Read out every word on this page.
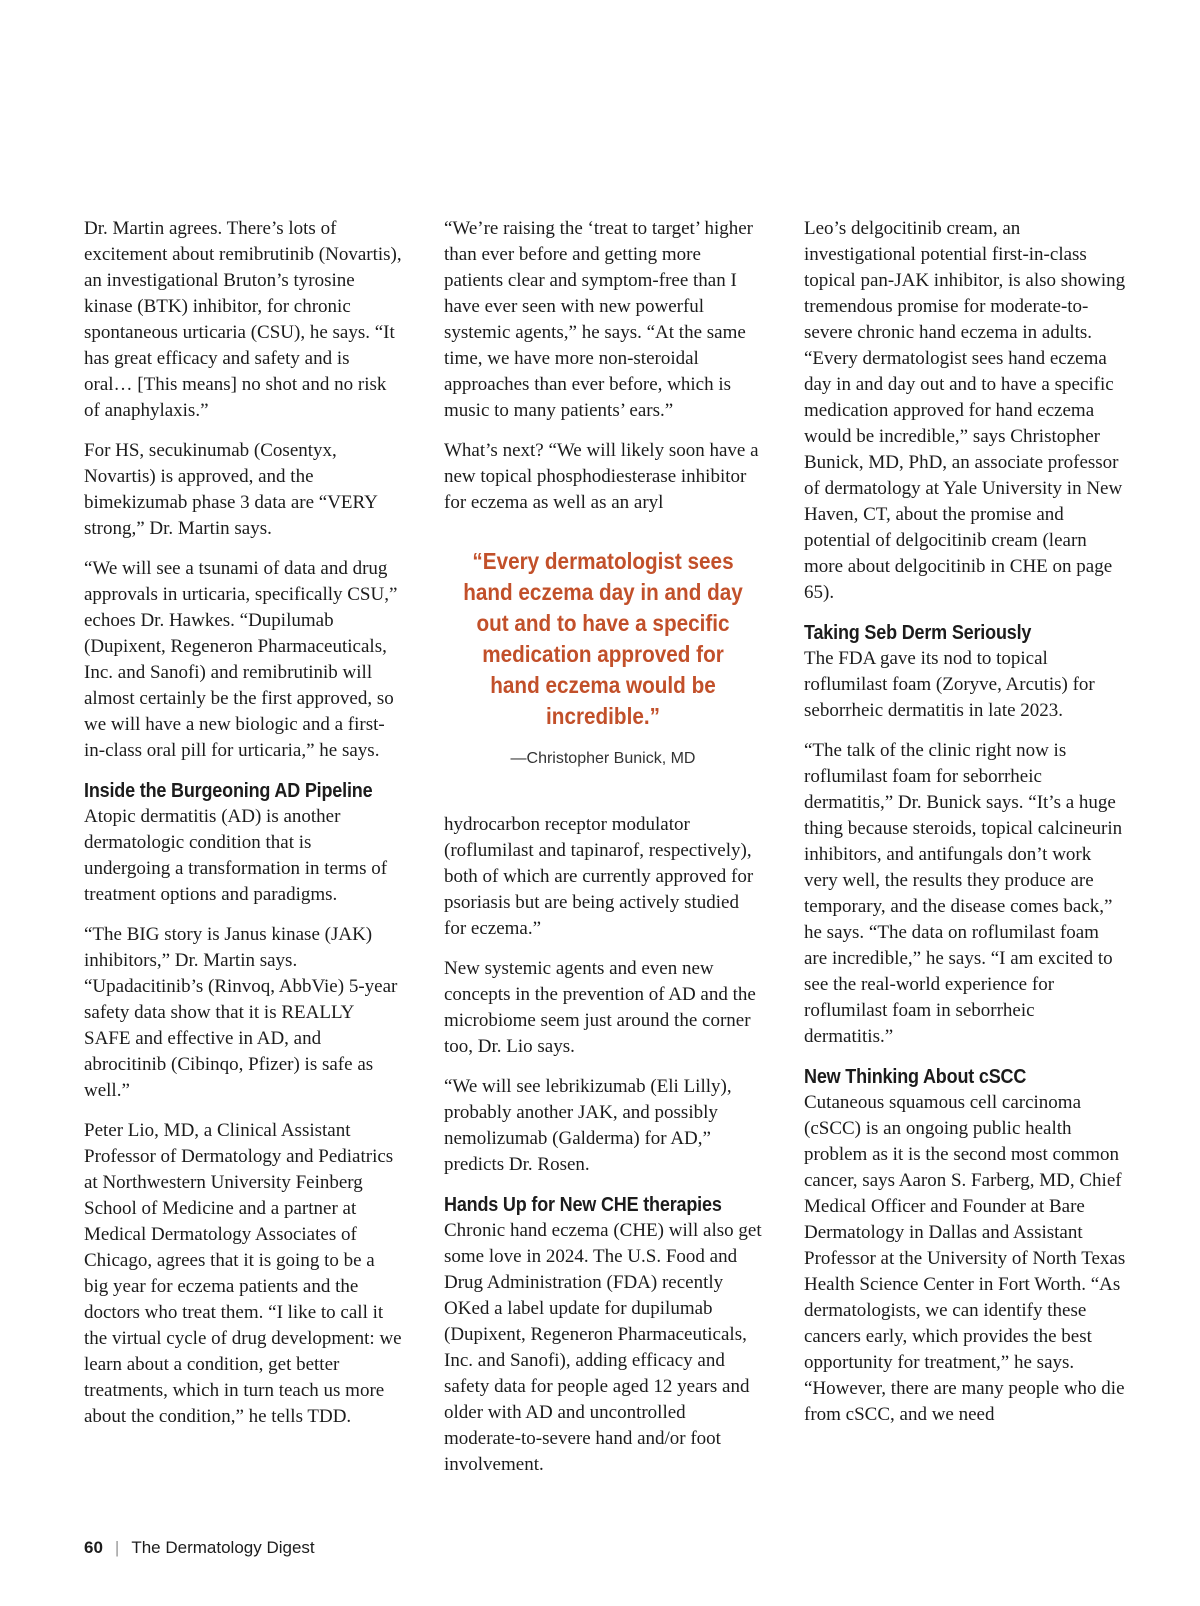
Dr. Martin agrees. There’s lots of excitement about remibrutinib (Novartis), an investigational Bruton’s tyrosine kinase (BTK) inhibitor, for chronic spontaneous urticaria (CSU), he says. “It has great efficacy and safety and is oral… [This means] no shot and no risk of anaphylaxis.”

For HS, secukinumab (Cosentyx, Novartis) is approved, and the bimekizumab phase 3 data are “VERY strong,” Dr. Martin says.

“We will see a tsunami of data and drug approvals in urticaria, specifically CSU,” echoes Dr. Hawkes. “Dupilumab (Dupixent, Regeneron Pharmaceuticals, Inc. and Sanofi) and remibrutinib will almost certainly be the first approved, so we will have a new biologic and a first-in-class oral pill for urticaria,” he says.

Inside the Burgeoning AD Pipeline

Atopic dermatitis (AD) is another dermatologic condition that is undergoing a transformation in terms of treatment options and paradigms.

“The BIG story is Janus kinase (JAK) inhibitors,” Dr. Martin says. “Upadacitinib’s (Rinvoq, AbbVie) 5-year safety data show that it is REALLY SAFE and effective in AD, and abrocitinib (Cibinqo, Pfizer) is safe as well.”

Peter Lio, MD, a Clinical Assistant Professor of Dermatology and Pediatrics at Northwestern University Feinberg School of Medicine and a partner at Medical Dermatology Associates of Chicago, agrees that it is going to be a big year for eczema patients and the doctors who treat them. “I like to call it the virtual cycle of drug development: we learn about a condition, get better treatments, which in turn teach us more about the condition,” he tells TDD.

“We’re raising the ‘treat to target’ higher than ever before and getting more patients clear and symptom-free than I have ever seen with new powerful systemic agents,” he says. “At the same time, we have more non-steroidal approaches than ever before, which is music to many patients’ ears.”

What’s next? “We will likely soon have a new topical phosphodiesterase inhibitor for eczema as well as an aryl

“Every dermatologist sees hand eczema day in and day out and to have a specific medication approved for hand eczema would be incredible.”
—Christopher Bunick, MD

hydrocarbon receptor modulator (roflumilast and tapinarof, respectively), both of which are currently approved for psoriasis but are being actively studied for eczema.”

New systemic agents and even new concepts in the prevention of AD and the microbiome seem just around the corner too, Dr. Lio says.

“We will see lebrikizumab (Eli Lilly), probably another JAK, and possibly nemolizumab (Galderma) for AD,” predicts Dr. Rosen.

Hands Up for New CHE therapies

Chronic hand eczema (CHE) will also get some love in 2024. The U.S. Food and Drug Administration (FDA) recently OKed a label update for dupilumab (Dupixent, Regeneron Pharmaceuticals, Inc. and Sanofi), adding efficacy and safety data for people aged 12 years and older with AD and uncontrolled moderate-to-severe hand and/or foot involvement.

Leo’s delgocitinib cream, an investigational potential first-in-class topical pan-JAK inhibitor, is also showing tremendous promise for moderate-to-severe chronic hand eczema in adults. “Every dermatologist sees hand eczema day in and day out and to have a specific medication approved for hand eczema would be incredible,” says Christopher Bunick, MD, PhD, an associate professor of dermatology at Yale University in New Haven, CT, about the promise and potential of delgocitinib cream (learn more about delgocitinib in CHE on page 65).

Taking Seb Derm Seriously

The FDA gave its nod to topical roflumilast foam (Zoryve, Arcutis) for seborrheic dermatitis in late 2023.

“The talk of the clinic right now is roflumilast foam for seborrheic dermatitis,” Dr. Bunick says. “It’s a huge thing because steroids, topical calcineurin inhibitors, and antifungals don’t work very well, the results they produce are temporary, and the disease comes back,” he says. “The data on roflumilast foam are incredible,” he says. “I am excited to see the real-world experience for roflumilast foam in seborrheic dermatitis.”

New Thinking About cSCC

Cutaneous squamous cell carcinoma (cSCC) is an ongoing public health problem as it is the second most common cancer, says Aaron S. Farberg, MD, Chief Medical Officer and Founder at Bare Dermatology in Dallas and Assistant Professor at the University of North Texas Health Science Center in Fort Worth. “As dermatologists, we can identify these cancers early, which provides the best opportunity for treatment,” he says. “However, there are many people who die from cSCC, and we need

60 | The Dermatology Digest
